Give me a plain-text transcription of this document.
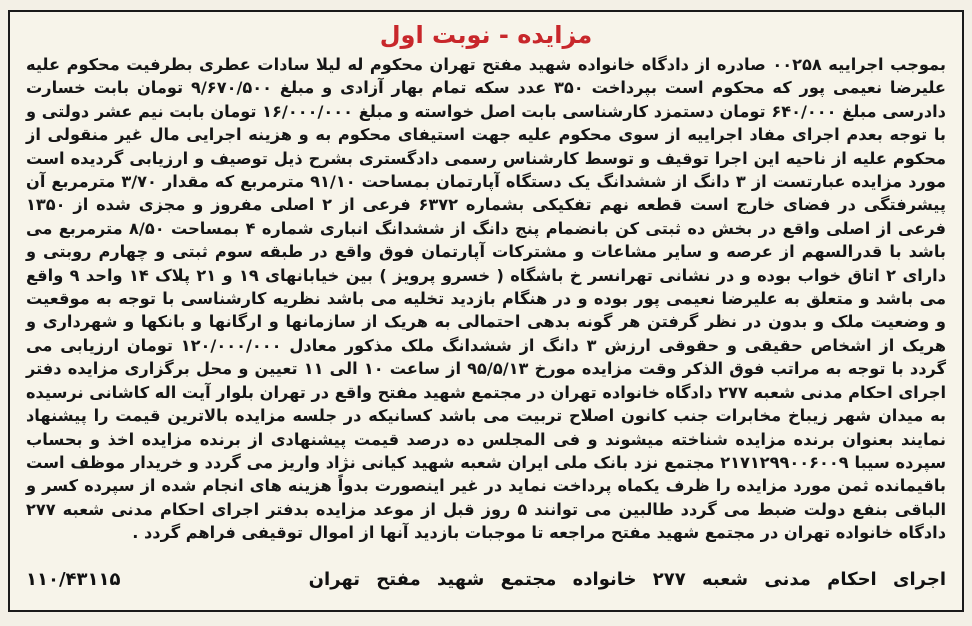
مزایده - نوبت اول
بموجب اجراییه ۰۰۲۵۸ صادره از دادگاه خانواده شهید مفتح تهران محکوم له لیلا سادات عطری بطرفیت محکوم علیه علیرضا نعیمی پور که محکوم است بپرداخت ۳۵۰ عدد سکه تمام بهار آزادی و مبلغ ۹/۶۷۰/۵۰۰ تومان بابت خسارت دادرسی مبلغ ۶۴۰/۰۰۰ تومان دستمزد کارشناسی بابت اصل خواسته و مبلغ ۱۶/۰۰۰/۰۰۰ تومان بابت نیم عشر دولتی و با توجه بعدم اجرای مفاد اجراییه از سوی محکوم علیه جهت استیفای محکوم به و هزینه اجرایی مال غیر منقولی از محکوم علیه از ناحیه این اجرا توقیف و توسط کارشناس رسمی دادگستری بشرح ذیل توصیف و ارزیابی گردیده است مورد مزایده عبارتست از ۳ دانگ از ششدانگ یک دستگاه آپارتمان بمساحت ۹۱/۱۰ مترمربع که مقدار ۳/۷۰ مترمربع آن پیشرفتگی در فضای خارج است قطعه نهم تفکیکی بشماره ۶۳۷۲ فرعی از ۲ اصلی مفروز و مجزی شده از ۱۳۵۰ فرعی از اصلی واقع در بخش ده ثبتی کن بانضمام پنج دانگ از ششدانگ انباری شماره ۴ بمساحت ۸/۵۰ مترمربع می باشد با قدرالسهم از عرصه و سایر مشاعات و مشترکات آپارتمان فوق واقع در طبقه سوم ثبتی و چهارم روبتی و دارای ۲ اتاق خواب بوده و در نشانی تهرانسر خ باشگاه ( خسرو پرویز ) بین خیابانهای ۱۹ و ۲۱ پلاک ۱۴ واحد ۹ واقع می باشد و متعلق به علیرضا نعیمی پور بوده و در هنگام بازدید تخلیه می باشد نظریه کارشناسی با توجه به موقعیت و وضعیت ملک و بدون در نظر گرفتن هر گونه بدهی احتمالی به هریک از سازمانها و ارگانها و بانکها و شهرداری و هریک از اشخاص حقیقی و حقوقی ارزش ۳ دانگ از ششدانگ ملک مذکور معادل ۱۲۰/۰۰۰/۰۰۰ تومان ارزیابی می گردد با توجه به مراتب فوق الذکر وقت مزایده مورخ ۹۵/۵/۱۳ از ساعت ۱۰ الی ۱۱ تعیین و محل برگزاری مزایده دفتر اجرای احکام مدنی شعبه ۲۷۷ دادگاه خانواده تهران در مجتمع شهید مفتح واقع در تهران بلوار آیت اله کاشانی نرسیده به میدان شهر زیباخ مخابرات جنب کانون اصلاح تربیت می باشد کسانیکه در جلسه مزایده بالاترین قیمت را پیشنهاد نمایند بعنوان برنده مزایده شناخته میشوند و فی المجلس ده درصد قیمت پیشنهادی از برنده مزایده اخذ و بحساب سپرده سیبا ۲۱۷۱۲۹۹۰۰۶۰۰۹ مجتمع نزد بانک ملی ایران شعبه شهید کیانی نژاد واریز می گردد و خریدار موظف است باقیمانده ثمن مورد مزایده را ظرف یکماه پرداخت نماید در غیر اینصورت بدواً هزینه های انجام شده از سپرده کسر و الباقی بنفع دولت ضبط می گردد طالبین می توانند ۵ روز قبل از موعد مزایده بدفتر اجرای احکام مدنی شعبه ۲۷۷ دادگاه خانواده تهران در مجتمع شهید مفتح مراجعه تا موجبات بازدید آنها از اموال توقیفی فراهم گردد .
اجرای احکام مدنی شعبه ۲۷۷ خانواده مجتمع شهید مفتح تهران
۱۱۰/۴۳۱۱۵
